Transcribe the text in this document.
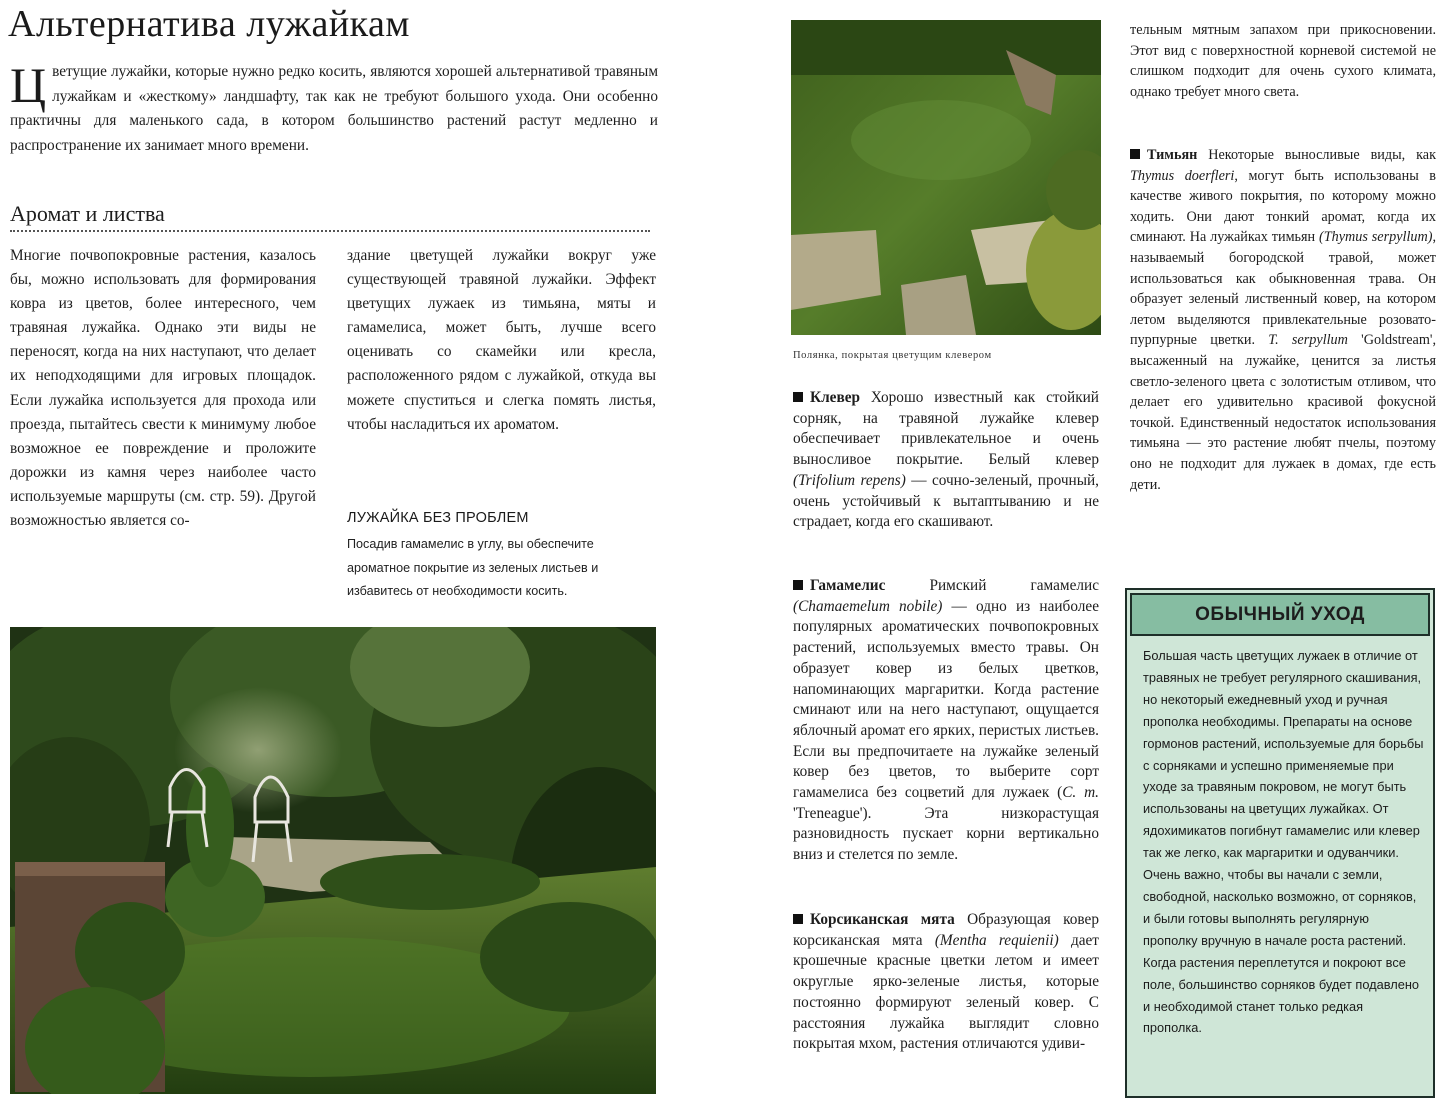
Альтернатива лужайкам

Цветущие лужайки, которые нужно редко косить, являются хорошей альтернативой травяным лужайкам и «жесткому» ландшафту, так как не требуют большого ухода. Они особенно практичны для маленького сада, в котором большинство растений растут медленно и распространение их занимает много времени.

Аромат и листва

Многие почвопокровные растения, казалось бы, можно использовать для формирования ковра из цветов, более интересного, чем травяная лужайка. Однако эти виды не переносят, когда на них наступают, что делает их неподходящими для игровых площадок. Если лужайка используется для прохода или проезда, пытайтесь свести к минимуму любое возможное ее повреждение и проложите дорожки из камня через наиболее часто используемые маршруты (см. стр. 59). Другой возможностью является со-

здание цветущей лужайки вокруг уже существующей травяной лужайки. Эффект цветущих лужаек из тимьяна, мяты и гамамелиса, может быть, лучше всего оценивать со скамейки или кресла, расположенного рядом с лужайкой, откуда вы можете спуститься и слегка помять листья, чтобы насладиться их ароматом.

ЛУЖАЙКА БЕЗ ПРОБЛЕМ

Посадив гамамелис в углу, вы обеспечите ароматное покрытие из зеленых листьев и избавитесь от необходимости косить.

Полянка, покрытая цветущим клевером

Клевер Хорошо известный как стойкий сорняк, на травяной лужайке клевер обеспечивает привлекательное и очень выносливое покрытие. Белый клевер (Trifolium repens) — сочно-зеленый, прочный, очень устойчивый к вытаптыванию и не страдает, когда его скашивают.

Гамамелис Римский гамамелис (Chamaemelum nobile) — одно из наиболее популярных ароматических почвопокровных растений, используемых вместо травы. Он образует ковер из белых цветков, напоминающих маргаритки. Когда растение сминают или на него наступают, ощущается яблочный аромат его ярких, перистых листьев. Если вы предпочитаете на лужайке зеленый ковер без цветов, то выберите сорт гамамелиса без соцветий для лужаек (C. m. 'Treneague'). Эта низкорастущая разновидность пускает корни вертикально вниз и стелется по земле.

Корсиканская мята Образующая ковер корсиканская мята (Mentha requienii) дает крошечные красные цветки летом и имеет округлые ярко-зеленые листья, которые постоянно формируют зеленый ковер. С расстояния лужайка выглядит словно покрытая мхом, растения отличаются удиви-

тельным мятным запахом при прикосновении. Этот вид с поверхностной корневой системой не слишком подходит для очень сухого климата, однако требует много света.

Тимьян Некоторые выносливые виды, как Thymus doerfleri, могут быть использованы в качестве живого покрытия, по которому можно ходить. Они дают тонкий аромат, когда их сминают. На лужайках тимьян (Thymus serpyllum), называемый богородской травой, может использоваться как обыкновенная трава. Он образует зеленый лиственный ковер, на котором летом выделяются привлекательные розовато-пурпурные цветки. T. serpyllum 'Goldstream', высаженный на лужайке, ценится за листья светло-зеленого цвета с золотистым отливом, что делает его удивительно красивой фокусной точкой. Единственный недостаток использования тимьяна — это растение любят пчелы, поэтому оно не подходит для лужаек в домах, где есть дети.

ОБЫЧНЫЙ УХОД

Большая часть цветущих лужаек в отличие от травяных не требует регулярного скашивания, но некоторый ежедневный уход и ручная прополка необходимы. Препараты на основе гормонов растений, используемые для борьбы с сорняками и успешно применяемые при уходе за травяным покровом, не могут быть использованы на цветущих лужайках. От ядохимикатов погибнут гамамелис или клевер так же легко, как маргаритки и одуванчики. Очень важно, чтобы вы начали с земли, свободной, насколько возможно, от сорняков, и были готовы выполнять регулярную прополку вручную в начале роста растений. Когда растения переплетутся и покроют все поле, большинство сорняков будет подавлено и необходимой станет только редкая прополка.
